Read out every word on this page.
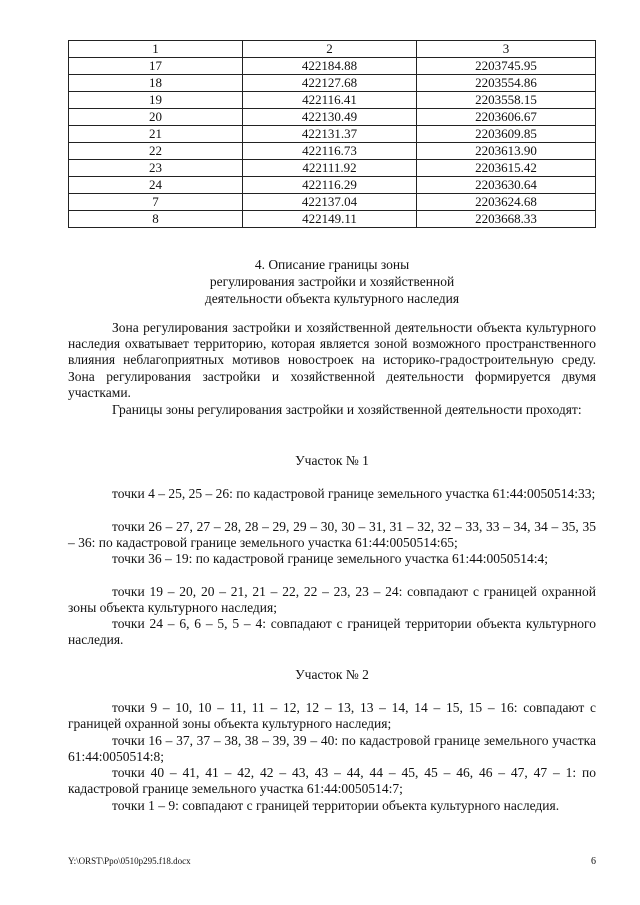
1	2	3
17	422184.88	2203745.95
18	422127.68	2203554.86
19	422116.41	2203558.15
20	422130.49	2203606.67
21	422131.37	2203609.85
22	422116.73	2203613.90
23	422111.92	2203615.42
24	422116.29	2203630.64
7	422137.04	2203624.68
8	422149.11	2203668.33
4. Описание границы зоны
регулирования застройки и хозяйственной
деятельности объекта культурного наследия
Зона регулирования застройки и хозяйственной деятельности объекта культурного наследия охватывает территорию, которая является зоной возможного пространственного влияния неблагоприятных мотивов новостроек на историко-градостроительную среду. Зона регулирования застройки и хозяйственной деятельности формируется двумя участками.
Границы зоны регулирования застройки и хозяйственной деятельности проходят:
Участок № 1
точки 4 – 25, 25 – 26: по кадастровой границе земельного участка 61:44:0050514:33;
точки 26 – 27, 27 – 28, 28 – 29, 29 – 30, 30 – 31, 31 – 32, 32 – 33, 33 – 34, 34 – 35, 35 – 36: по кадастровой границе земельного участка 61:44:0050514:65;
точки 36 – 19: по кадастровой границе земельного участка 61:44:0050514:4;
точки 19 – 20, 20 – 21, 21 – 22, 22 – 23, 23 – 24: совпадают с границей охранной зоны объекта культурного наследия;
точки 24 – 6, 6 – 5, 5 – 4: совпадают с границей территории объекта культурного наследия.
Участок № 2
точки 9 – 10, 10 – 11, 11 – 12, 12 – 13, 13 – 14, 14 – 15, 15 – 16: совпадают с границей охранной зоны объекта культурного наследия;
точки 16 – 37, 37 – 38, 38 – 39, 39 – 40: по кадастровой границе земельного участка 61:44:0050514:8;
точки 40 – 41, 41 – 42, 42 – 43, 43 – 44, 44 – 45, 45 – 46, 46 – 47, 47 – 1: по кадастровой границе земельного участка 61:44:0050514:7;
точки 1 – 9: совпадают с границей территории объекта культурного наследия.
Y:\ORST\Ppo\0510p295.f18.docx	6
